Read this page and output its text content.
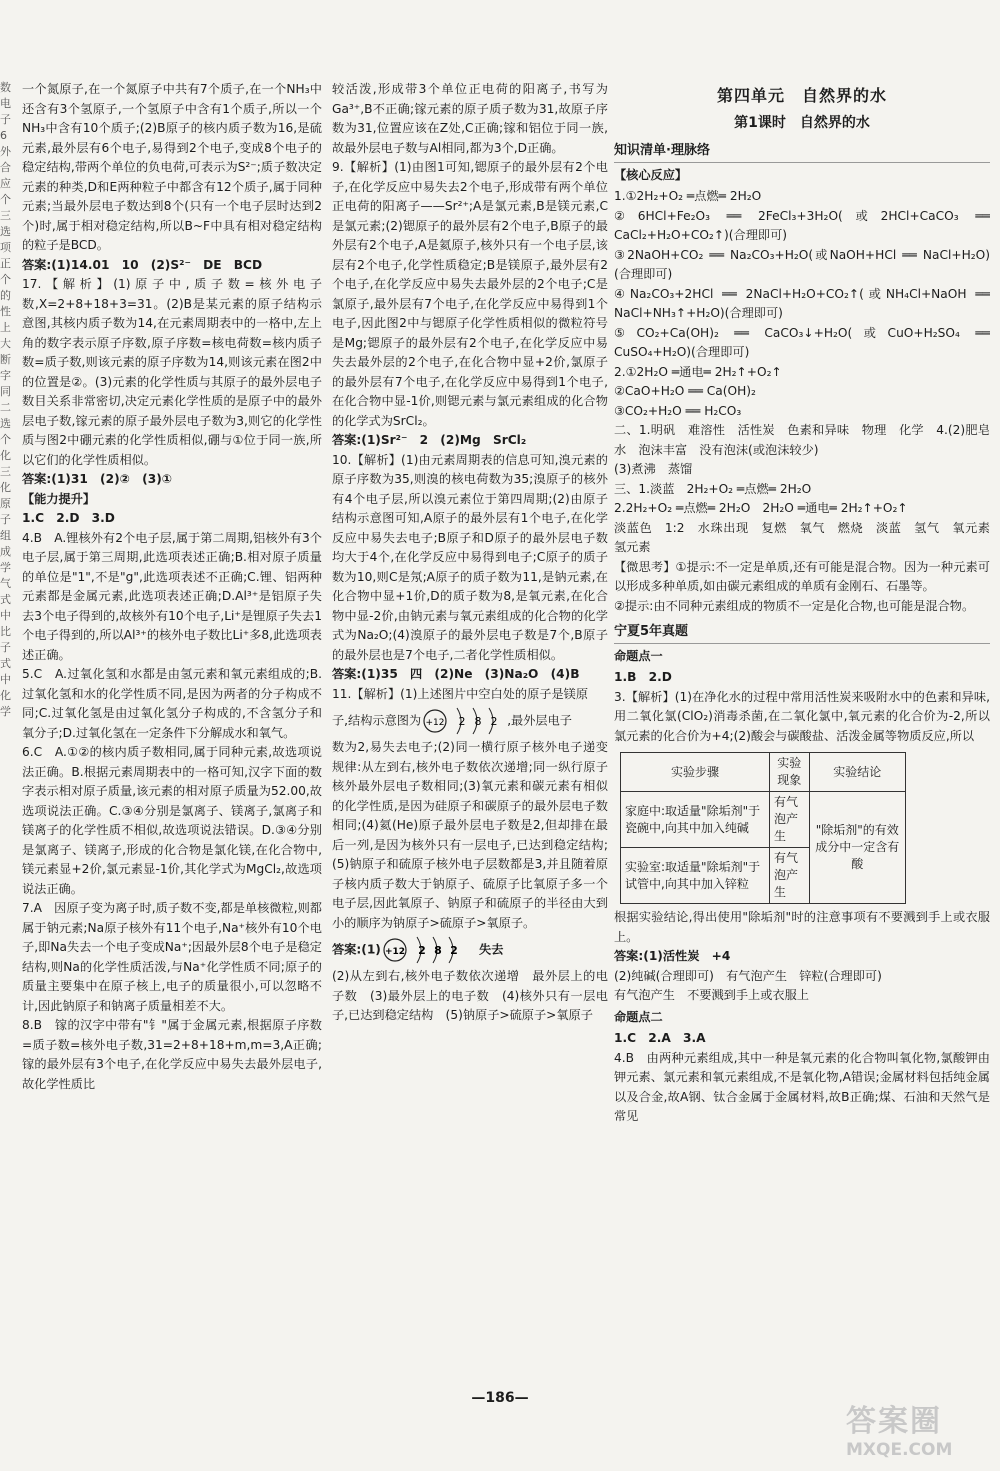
数电子6外合应个三选项正个的性上大断字同二选个化三化原子组成学气式中比子式中化学

一个氮原子,在一个氮原子中共有7个质子,在一个NH₃中还含有3个氢原子,一个氢原子中含有1个质子,所以一个NH₃中含有10个质子;(2)B原子的核内质子数为16,是硫元素,最外层有6个电子,易得到2个电子,变成8个电子的稳定结构,带两个单位的负电荷,可表示为S²⁻;质子数决定元素的种类,D和E两种粒子中都含有12个质子,属于同种元素;当最外层电子数达到8个(只有一个电子层时达到2个)时,属于相对稳定结构,所以B~F中具有相对稳定结构的粒子是BCD。

答案:(1)14.01　10　(2)S²⁻　DE　BCD

17.【解析】(1)原子中,质子数=核外电子数,X=2+8+18+3=31。(2)B是某元素的原子结构示意图,其核内质子数为14,在元素周期表中的一格中,左上角的数字表示原子序数,原子序数=核电荷数=核内质子数=质子数,则该元素的原子序数为14,则该元素在图2中的位置是②。(3)元素的化学性质与其原子的最外层电子数目关系非常密切,决定元素化学性质的是原子中的最外层电子数,镓元素的原子最外层电子数为3,则它的化学性质与图2中硼元素的化学性质相似,硼与①位于同一族,所以它们的化学性质相似。

答案:(1)31　(2)②　(3)①

【能力提升】

1.C　2.D　3.D

4.B　A.锂核外有2个电子层,属于第二周期,铝核外有3个电子层,属于第三周期,此选项表述正确;B.相对原子质量的单位是"1",不是"g",此选项表述不正确;C.锂、铝两种元素都是金属元素,此选项表述正确;D.Al³⁺是铝原子失去3个电子得到的,故核外有10个电子,Li⁺是锂原子失去1个电子得到的,所以Al³⁺的核外电子数比Li⁺多8,此选项表述正确。

5.C　A.过氧化氢和水都是由氢元素和氧元素组成的;B.过氧化氢和水的化学性质不同,是因为两者的分子构成不同;C.过氧化氢是由过氧化氢分子构成的,不含氢分子和氧分子;D.过氧化氢在一定条件下分解成水和氧气。

6.C　A.①②的核内质子数相同,属于同种元素,故选项说法正确。B.根据元素周期表中的一格可知,汉字下面的数字表示相对原子质量,该元素的相对原子质量为52.00,故选项说法正确。C.③④分别是氯离子、镁离子,氯离子和镁离子的化学性质不相似,故选项说法错误。D.③④分别是氯离子、镁离子,形成的化合物是氯化镁,在化合物中,镁元素显+2价,氯元素显-1价,其化学式为MgCl₂,故选项说法正确。

7.A　因原子变为离子时,质子数不变,都是单核微粒,则都属于钠元素;Na原子核外有11个电子,Na⁺核外有10个电子,即Na失去一个电子变成Na⁺;因最外层8个电子是稳定结构,则Na的化学性质活泼,与Na⁺化学性质不同;原子的质量主要集中在原子核上,电子的质量很小,可以忽略不计,因此钠原子和钠离子质量相差不大。

8.B　镓的汉字中带有"钅"属于金属元素,根据原子序数=质子数=核外电子数,31=2+8+18+m,m=3,A正确;镓的最外层有3个电子,在化学反应中易失去最外层电子,故化学性质比

较活泼,形成带3个单位正电荷的阳离子,书写为Ga³⁺,B不正确;镓元素的原子质子数为31,故原子序数为31,位置应该在Z处,C正确;镓和铝位于同一族,故最外层电子数与Al相同,都为3个,D正确。

9.【解析】(1)由图1可知,锶原子的最外层有2个电子,在化学反应中易失去2个电子,形成带有两个单位正电荷的阳离子——Sr²⁺;A是氯元素,B是镁元素,C是氯元素;(2)锶原子的最外层有2个电子,B原子的最外层有2个电子,A是氦原子,核外只有一个电子层,该层有2个电子,化学性质稳定;B是镁原子,最外层有2个电子,在化学反应中易失去最外层的2个电子;C是氯原子,最外层有7个电子,在化学反应中易得到1个电子,因此图2中与锶原子化学性质相似的微粒符号是Mg;锶原子的最外层有2个电子,在化学反应中易失去最外层的2个电子,在化合物中显+2价,氯原子的最外层有7个电子,在化学反应中易得到1个电子,在化合物中显-1价,则锶元素与氯元素组成的化合物的化学式为SrCl₂。

答案:(1)Sr²⁻　2　(2)Mg　SrCl₂

10.【解析】(1)由元素周期表的信息可知,溴元素的原子序数为35,则溴的核电荷数为35;溴原子的核外有4个电子层,所以溴元素位于第四周期;(2)由原子结构示意图可知,A原子的最外层有1个电子,在化学反应中易失去电子;B原子和D原子的最外层电子数均大于4个,在化学反应中易得到电子;C原子的质子数为10,则C是氖;A原子的质子数为11,是钠元素,在化合物中显+1价,D的质子数为8,是氧元素,在化合物中显-2价,由钠元素与氧元素组成的化合物的化学式为Na₂O;(4)溴原子的最外层电子数是7个,B原子的最外层也是7个电子,二者化学性质相似。

答案:(1)35　四　(2)Ne　(3)Na₂O　(4)B

11.【解析】(1)上述图片中空白处的原子是镁原

子,结构示意图为 +12 2 8 2 ,最外层电子

数为2,易失去电子;(2)同一横行原子核外电子递变规律:从左到右,核外电子数依次递增;同一纵行原子核外最外层电子数相同;(3)氧元素和碳元素有相似的化学性质,是因为硅原子和碳原子的最外层电子数相同;(4)氦(He)原子最外层电子数是2,但却排在最后一列,是因为核外只有一层电子,已达到稳定结构;(5)钠原子和硫原子核外电子层数都是3,并且随着原子核内质子数大于钠原子、硫原子比氧原子多一个电子层,因此氧原子、钠原子和硫原子的半径由大到小的顺序为钠原子>硫原子>氧原子。

答案:(1) +12 2 8 2 　失去

(2)从左到右,核外电子数依次递增　最外层上的电子数　(3)最外层上的电子数　(4)核外只有一层电子,已达到稳定结构　(5)钠原子>硫原子>氧原子

第四单元　自然界的水
第1课时　自然界的水
知识清单·理脉络
【核心反应】

1.①2H₂+O₂ ═点燃═ 2H₂O

②6HCl+Fe₂O₃ ══ 2FeCl₃+3H₂O(或2HCl+CaCO₃ ══ CaCl₂+H₂O+CO₂↑)(合理即可)

③2NaOH+CO₂ ══ Na₂CO₃+H₂O(或NaOH+HCl ══ NaCl+H₂O)(合理即可)

④Na₂CO₃+2HCl ══ 2NaCl+H₂O+CO₂↑(或NH₄Cl+NaOH ══ NaCl+NH₃↑+H₂O)(合理即可)

⑤CO₂+Ca(OH)₂ ══ CaCO₃↓+H₂O(或CuO+H₂SO₄ ══ CuSO₄+H₂O)(合理即可)

2.①2H₂O ═通电═ 2H₂↑+O₂↑

②CaO+H₂O ══ Ca(OH)₂

③CO₂+H₂O ══ H₂CO₃

二、1.明矾　难溶性　活性炭　色素和异味　物理　化学　4.(2)肥皂水　泡沫丰富　没有泡沫(或泡沫较少)

(3)煮沸　蒸馏

三、1.淡蓝　2H₂+O₂ ═点燃═ 2H₂O

2.2H₂+O₂ ═点燃═ 2H₂O　2H₂O ═通电═ 2H₂↑+O₂↑

淡蓝色　1:2　水珠出现　复燃　氧气　燃烧　淡蓝　氢气　氧元素　氢元素

【微思考】①提示:不一定是单质,还有可能是混合物。因为一种元素可以形成多种单质,如由碳元素组成的单质有金刚石、石墨等。

②提示:由不同种元素组成的物质不一定是化合物,也可能是混合物。

宁夏5年真题
命题点一

1.B　2.D

3.【解析】(1)在净化水的过程中常用活性炭来吸附水中的色素和异味,用二氧化氯(ClO₂)消毒杀菌,在二氧化氯中,氧元素的化合价为-2,所以氯元素的化合价为+4;(2)酸会与碳酸盐、活泼金属等物质反应,所以

实验步骤	实验现象	实验结论
家庭中:取适量"除垢剂"于瓷碗中,向其中加入纯碱	有气泡产生	"除垢剂"的有效成分中一定含有酸
实验室:取适量"除垢剂"于试管中,向其中加入锌粒	有气泡产生	

根据实验结论,得出使用"除垢剂"时的注意事项有不要溅到手上或衣服上。

答案:(1)活性炭　+4

(2)纯碱(合理即可)　有气泡产生　锌粒(合理即可)

有气泡产生　不要溅到手上或衣服上

命题点二

1.C　2.A　3.A

4.B　由两种元素组成,其中一种是氧元素的化合物叫氧化物,氯酸钾由钾元素、氯元素和氧元素组成,不是氧化物,A错误;金属材料包括纯金属以及合金,故A钢、钛合金属于金属材料,故B正确;煤、石油和天然气是常见

—186—
答案圈
MXQE.COM
